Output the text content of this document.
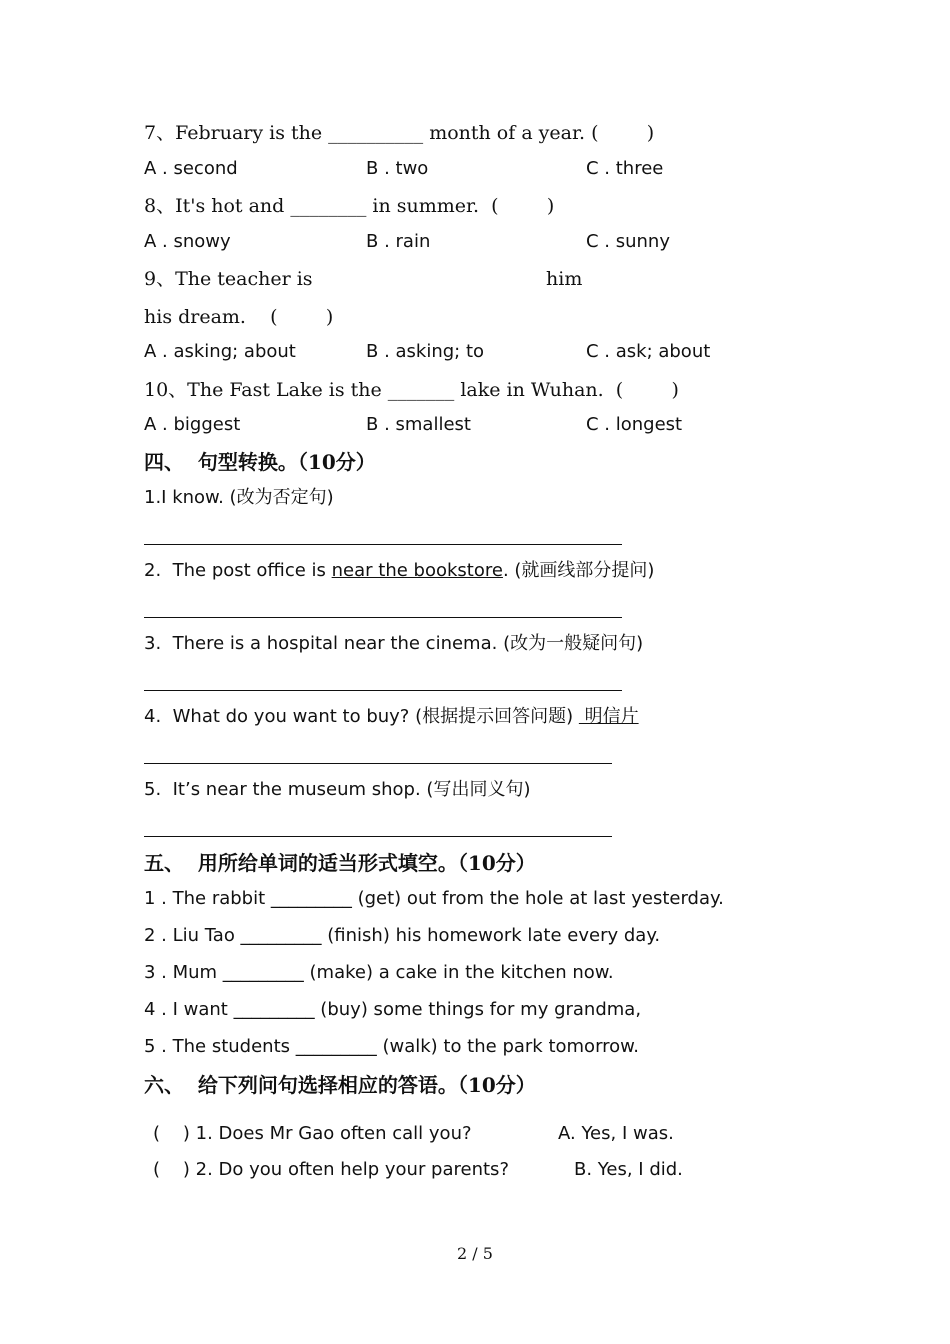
7、February is the __________ month of a year. (        )
A . second	B . two	C . three
8、It's hot and ________ in summer.  (        )
A . snowy	B . rain	C . sunny
9、The teacher is	him
his dream.    (        )
A . asking; about	B . asking; to	C . ask; about
10、The Fast Lake is the _______ lake in Wuhan.  (        )
A . biggest	B . smallest	C . longest
四、  句型转换。（10分）
1.I know. (改为否定句)
2.  The post office is near the bookstore. (就画线部分提问)
3.  There is a hospital near the cinema. (改为一般疑问句)
4.  What do you want to buy? (根据提示回答问题)  明信片
5.  It’s near the museum shop. (写出同义句)
五、  用所给单词的适当形式填空。（10分）
1 . The rabbit _________ (get) out from the hole at last yesterday.
2 . Liu Tao _________ (finish) his homework late every day.
3 . Mum _________ (make) a cake in the kitchen now.
4 . I want _________ (buy) some things for my grandma,
5 . The students _________ (walk) to the park tomorrow.
六、  给下列问句选择相应的答语。（10分）
(    ) 1. Does Mr Gao often call you?	A. Yes, I was.
(    ) 2. Do you often help your parents?	B. Yes, I did.
2 / 5
